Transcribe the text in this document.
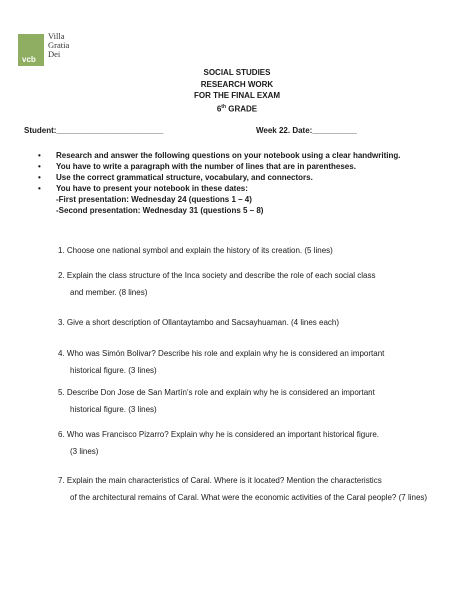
vcb
Villa
Gratia
Dei
SOCIAL STUDIES
RESEARCH WORK
FOR THE FINAL EXAM
6th GRADE
Student:________________________	Week 22. Date:__________
• Research and answer the following questions on your notebook using a clear handwriting.
• You have to write a paragraph with the number of lines that are in parentheses.
• Use the correct grammatical structure, vocabulary, and connectors.
• You have to present your notebook in these dates:
-First presentation: Wednesday 24 (questions 1 – 4)
-Second presentation: Wednesday 31 (questions 5 – 8)
1. Choose one national symbol and explain the history of its creation. (5 lines)
2. Explain the class structure of the Inca society and describe the role of each social class
and member. (8 lines)
3. Give a short description of Ollantaytambo and Sacsayhuaman. (4 lines each)
4. Who was Simón Bolivar? Describe his role and explain why he is considered an important
historical figure. (3 lines)
5. Describe Don Jose de San Martín's role and explain why he is considered an important
historical figure. (3 lines)
6. Who was Francisco Pizarro? Explain why he is considered an important historical figure.
(3 lines)
7. Explain the main characteristics of Caral. Where is it located? Mention the characteristics
of the architectural remains of Caral. What were the economic activities of the Caral people? (7 lines)
